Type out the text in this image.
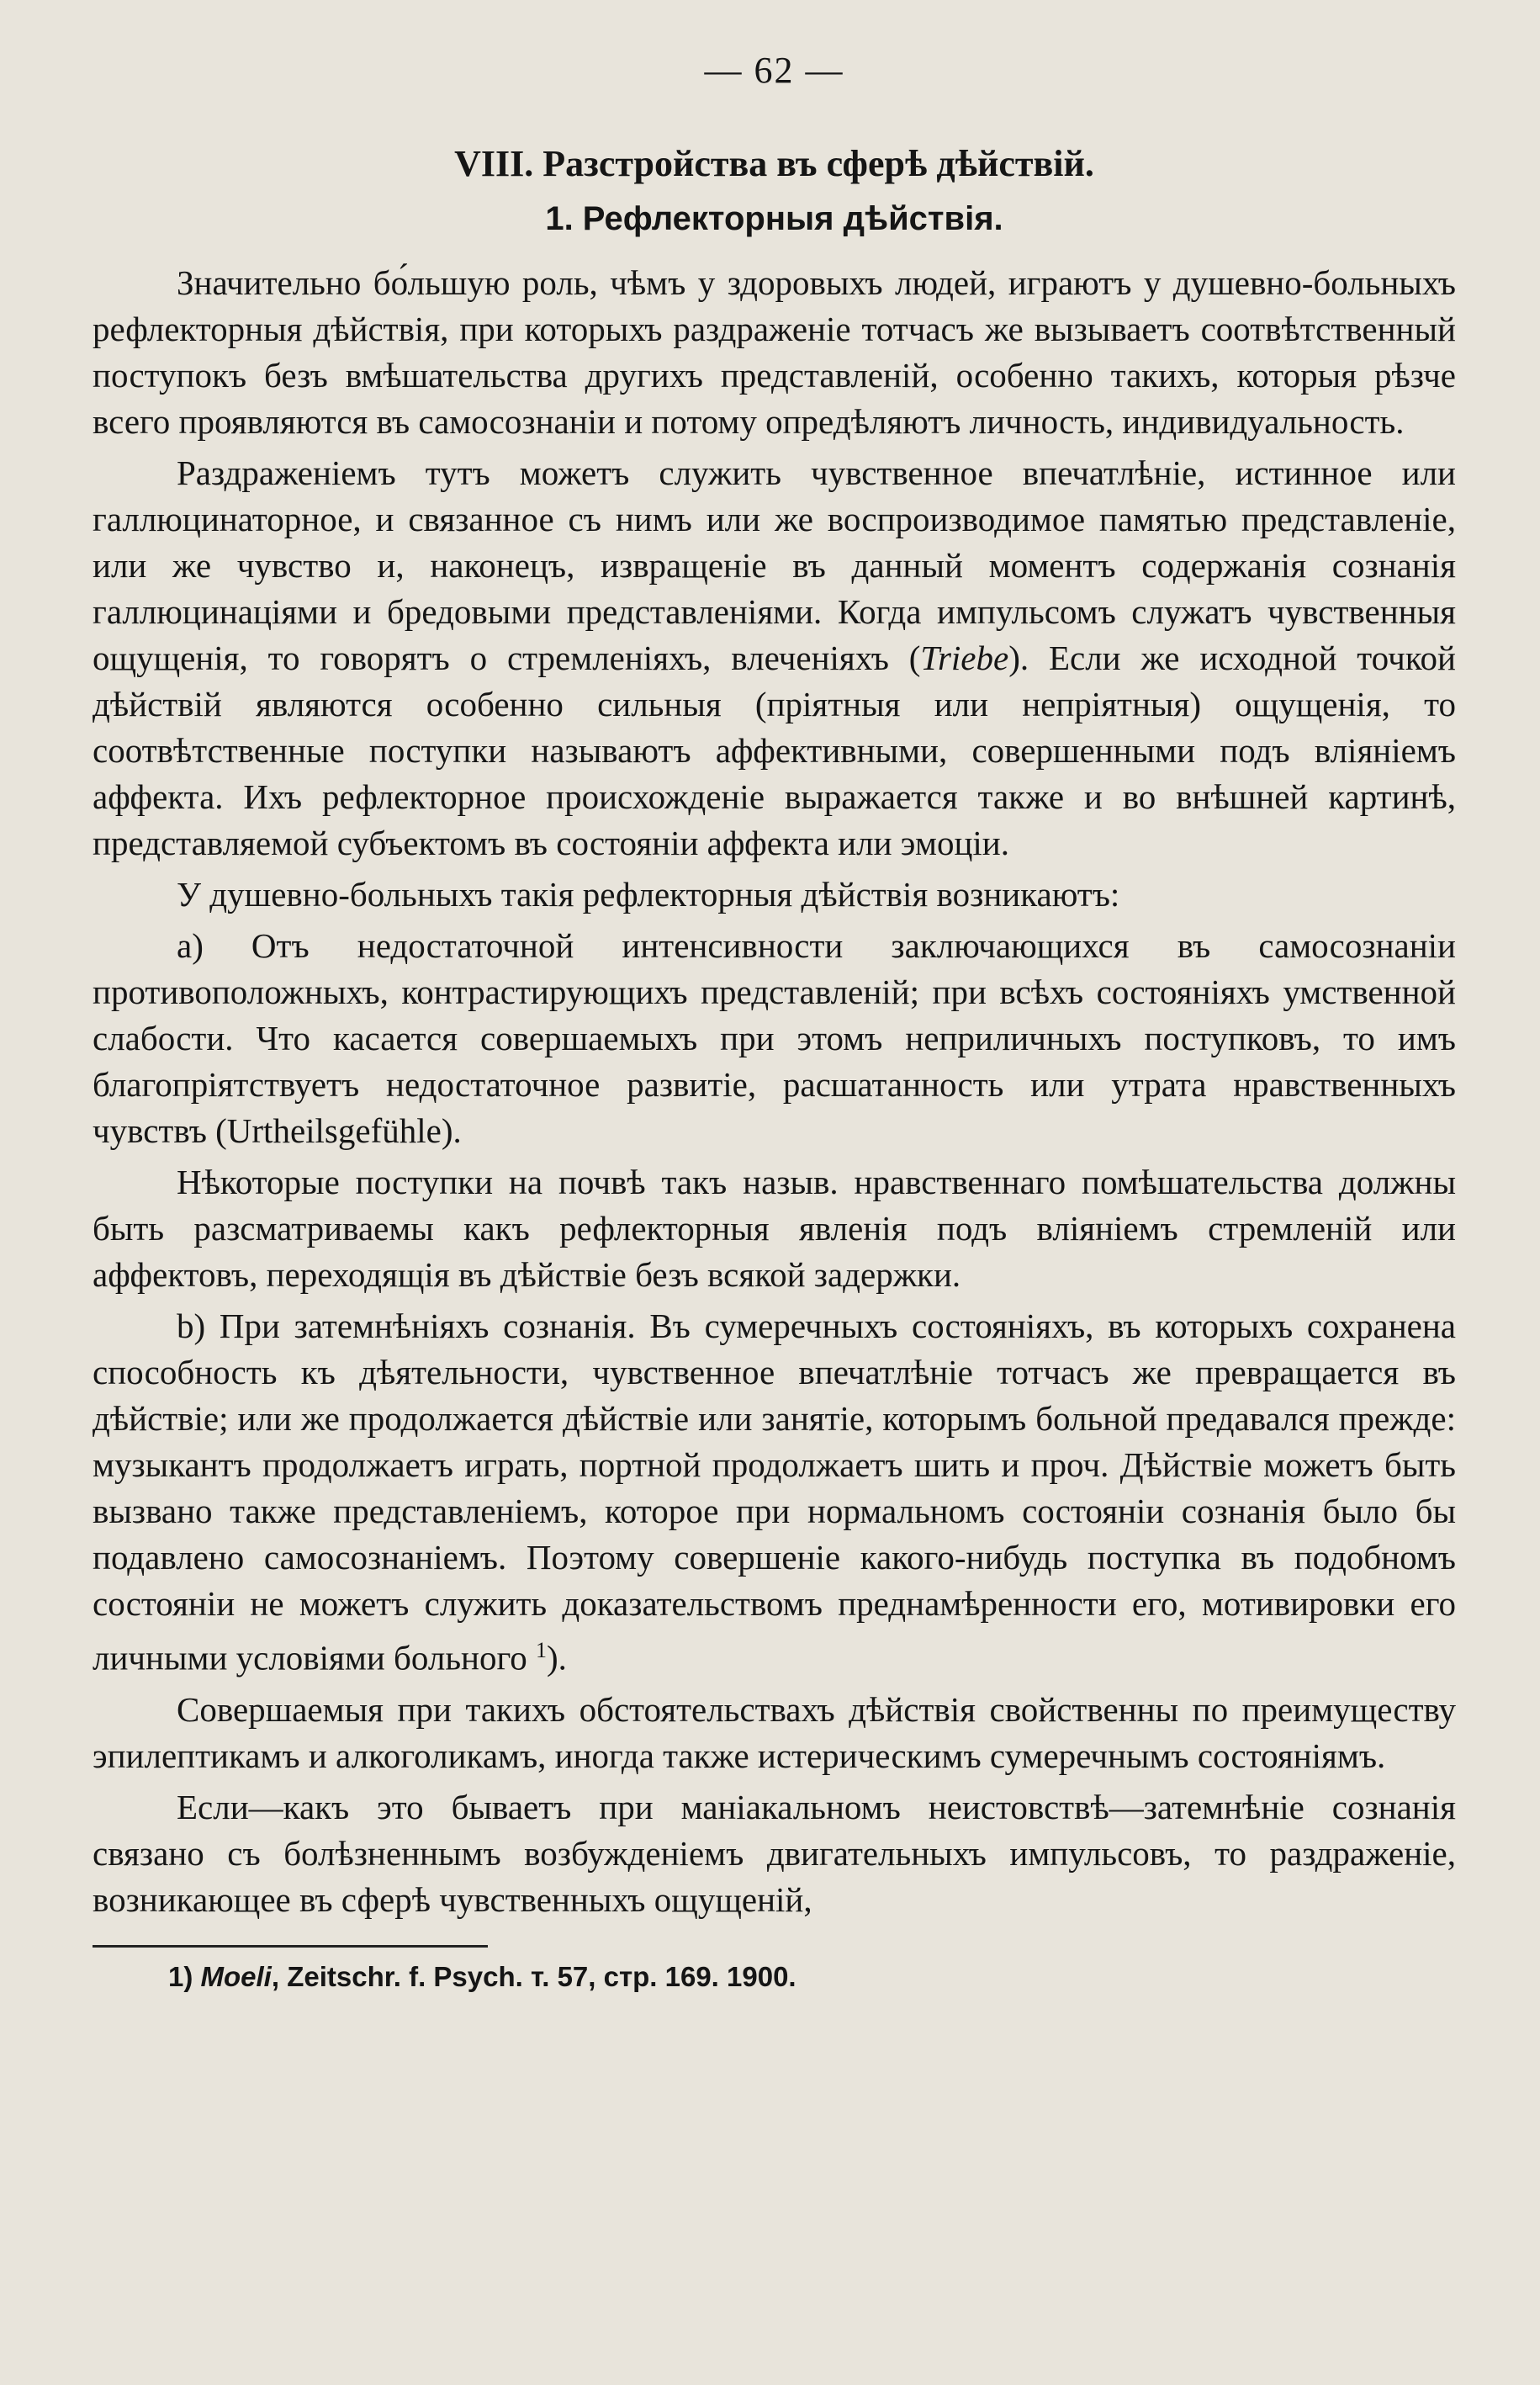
— 62 —
VIII. Разстройства въ сферѣ дѣйствій.
1. Рефлекторныя дѣйствія.

Значительно бо́льшую роль, чѣмъ у здоровыхъ людей, играютъ у душевно-больныхъ рефлекторныя дѣйствія, при которыхъ раздраженіе тотчасъ же вызываетъ соотвѣтственный поступокъ безъ вмѣшательства другихъ представленій, особенно такихъ, которыя рѣзче всего проявляются въ самосознаніи и потому опредѣляютъ личность, индивидуальность.

Раздраженіемъ тутъ можетъ служить чувственное впечатлѣніе, истинное или галлюцинаторное, и связанное съ нимъ или же воспроизводимое памятью представленіе, или же чувство и, наконецъ, извращеніе въ данный моментъ содержанія сознанія галлюцинаціями и бредовыми представленіями. Когда импульсомъ служатъ чувственныя ощущенія, то говорятъ о стремленіяхъ, влеченіяхъ (Triebe). Если же исходной точкой дѣйствій являются особенно сильныя (пріятныя или непріятныя) ощущенія, то соотвѣтственные поступки называютъ аффективными, совершенными подъ вліяніемъ аффекта. Ихъ рефлекторное происхожденіе выражается также и во внѣшней картинѣ, представляемой субъектомъ въ состояніи аффекта или эмоціи.

У душевно-больныхъ такія рефлекторныя дѣйствія возникаютъ:

a) Отъ недостаточной интенсивности заключающихся въ самосознаніи противоположныхъ, контрастирующихъ представленій; при всѣхъ состояніяхъ умственной слабости. Что касается совершаемыхъ при этомъ неприличныхъ поступковъ, то имъ благопріятствуетъ недостаточное развитіе, расшатанность или утрата нравственныхъ чувствъ (Urtheilsgefühle).

Нѣкоторые поступки на почвѣ такъ назыв. нравственнаго помѣшательства должны быть разсматриваемы какъ рефлекторныя явленія подъ вліяніемъ стремленій или аффектовъ, переходящія въ дѣйствіе безъ всякой задержки.

b) При затемнѣніяхъ сознанія. Въ сумеречныхъ состояніяхъ, въ которыхъ сохранена способность къ дѣятельности, чувственное впечатлѣніе тотчасъ же превращается въ дѣйствіе; или же продолжается дѣйствіе или занятіе, которымъ больной предавался прежде: музыкантъ продолжаетъ играть, портной продолжаетъ шить и проч. Дѣйствіе можетъ быть вызвано также представленіемъ, которое при нормальномъ состояніи сознанія было бы подавлено самосознаніемъ. Поэтому совершеніе какого-нибудь поступка въ подобномъ состояніи не можетъ служить доказательствомъ преднамѣренности его, мотивировки его личными условіями больного $^1$).

Совершаемыя при такихъ обстоятельствахъ дѣйствія свойственны по преимуществу эпилептикамъ и алкоголикамъ, иногда также истерическимъ сумеречнымъ состояніямъ.

Если—какъ это бываетъ при маніакальномъ неистовствѣ—затемнѣніе сознанія связано съ болѣзненнымъ возбужденіемъ двигательныхъ импульсовъ, то раздраженіе, возникающее въ сферѣ чувственныхъ ощущеній,

1) Moeli, Zeitschr. f. Psych. т. 57, стр. 169. 1900.
